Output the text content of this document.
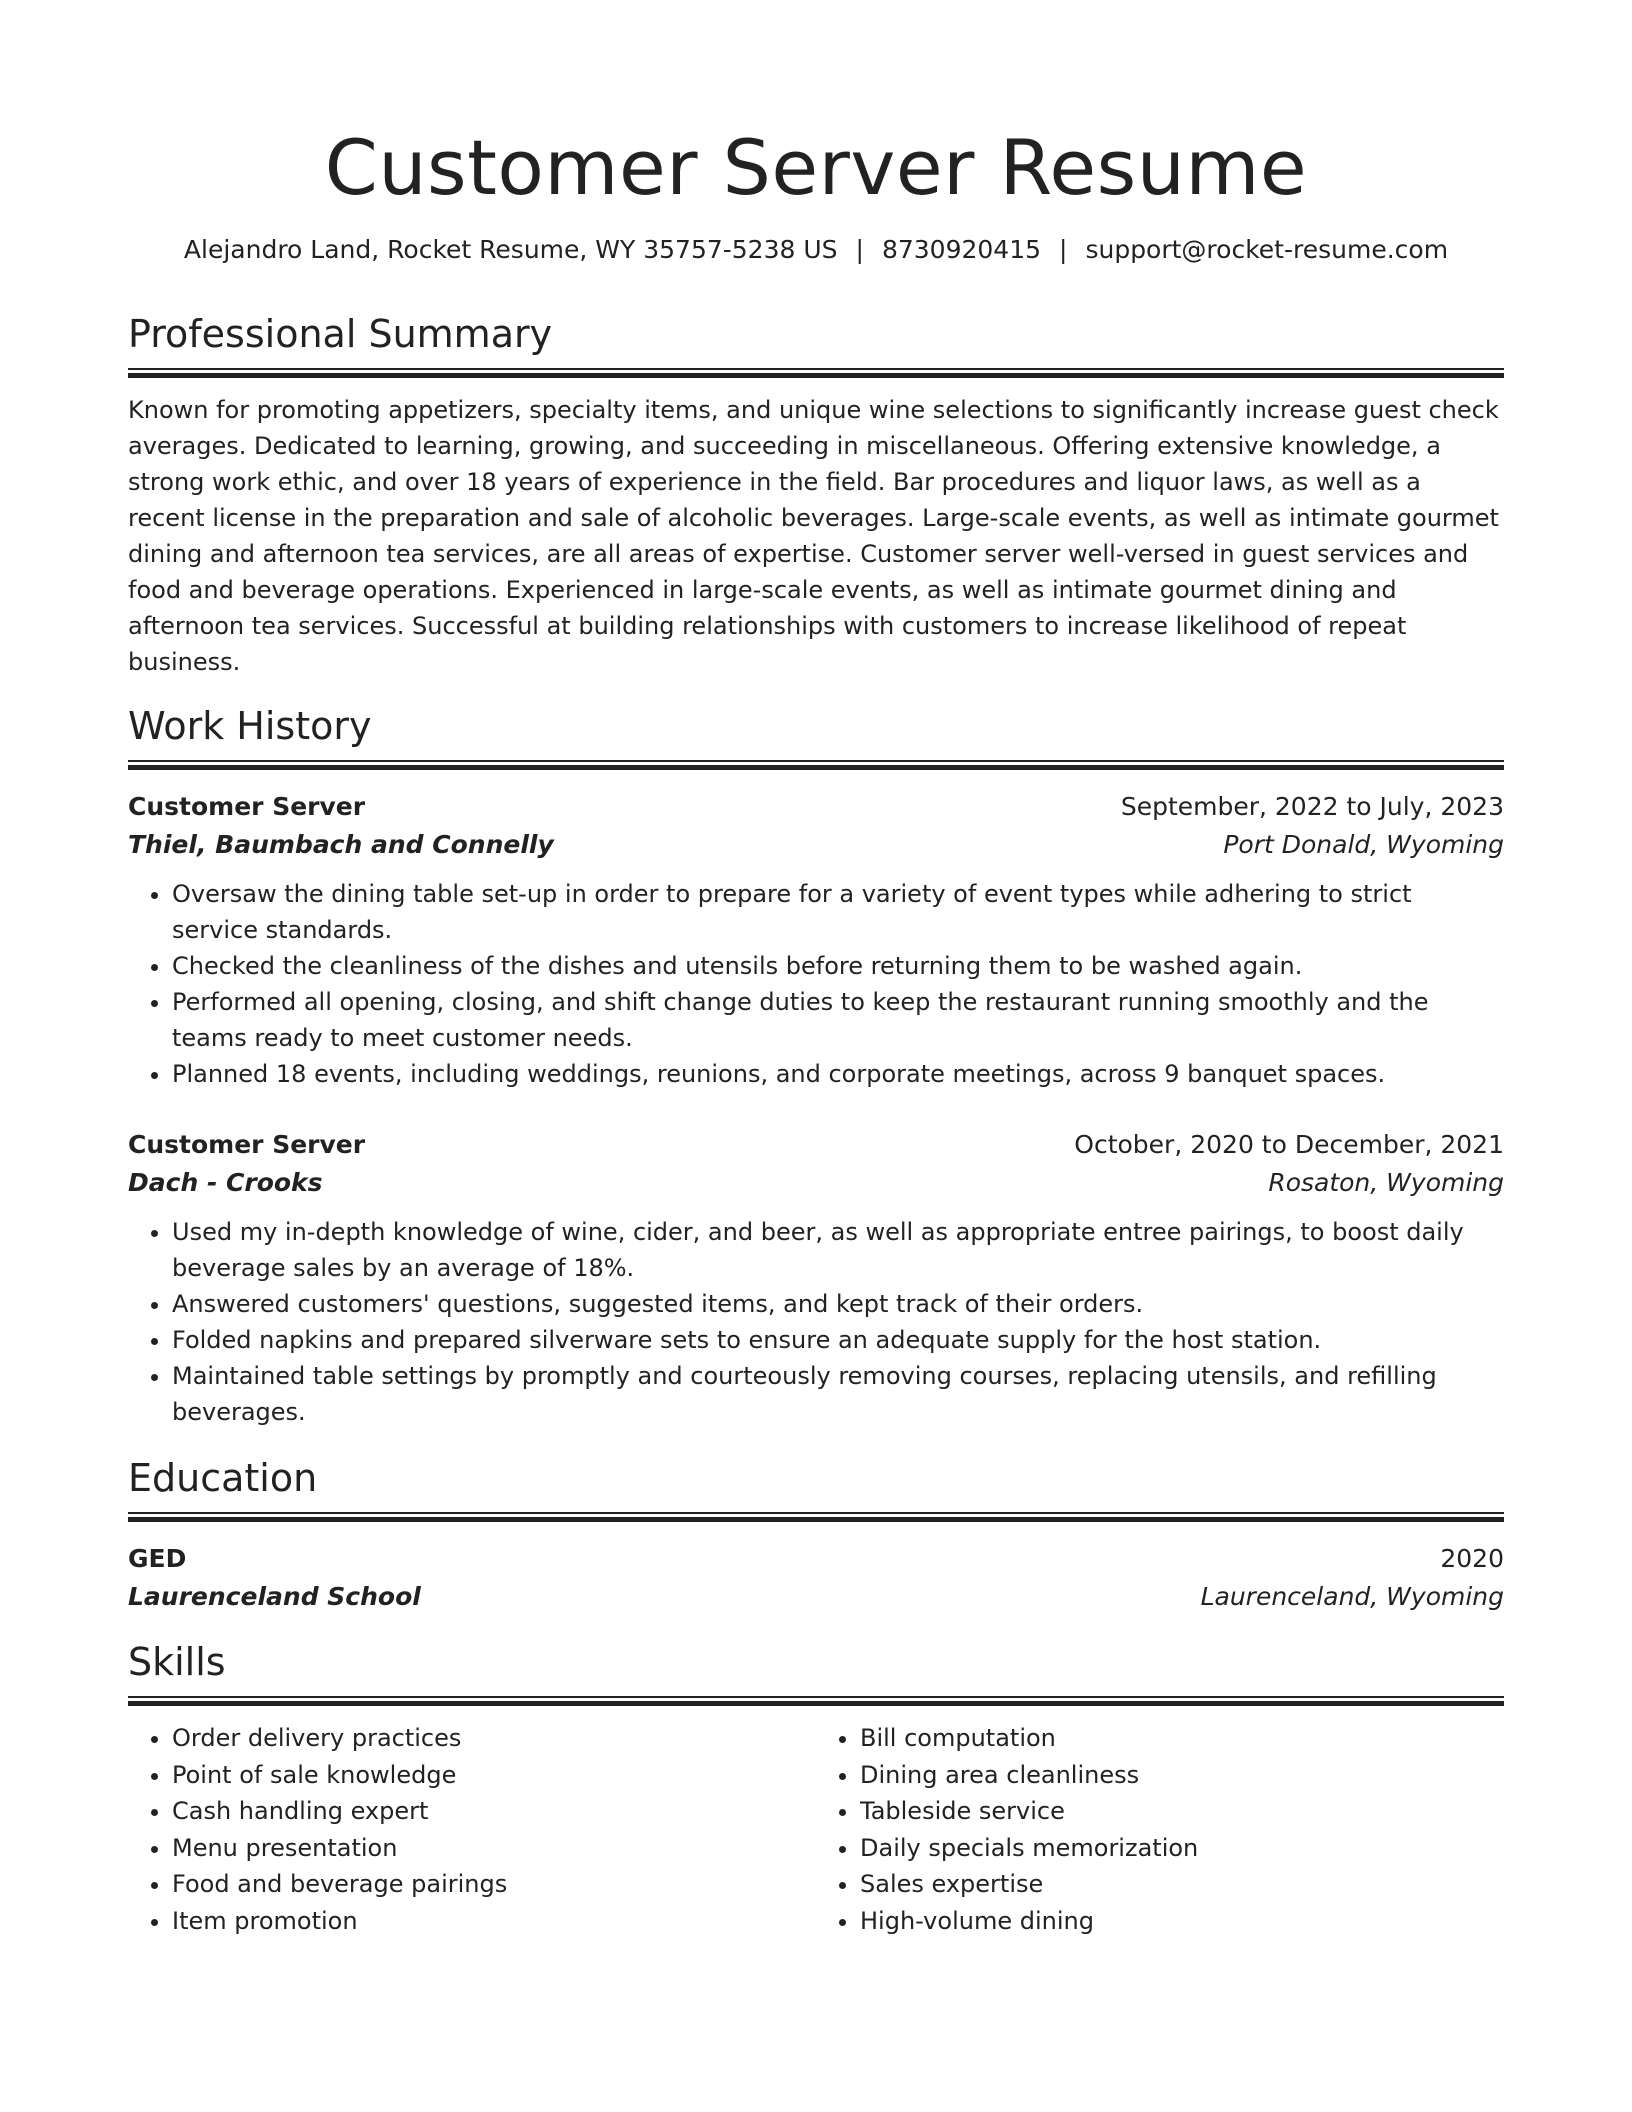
Customer Server Resume
Alejandro Land, Rocket Resume, WY 35757-5238 US | 8730920415 | support@rocket-resume.com
Professional Summary
Known for promoting appetizers, specialty items, and unique wine selections to significantly increase guest check averages. Dedicated to learning, growing, and succeeding in miscellaneous. Offering extensive knowledge, a strong work ethic, and over 18 years of experience in the field. Bar procedures and liquor laws, as well as a recent license in the preparation and sale of alcoholic beverages. Large-scale events, as well as intimate gourmet dining and afternoon tea services, are all areas of expertise. Customer server well-versed in guest services and food and beverage operations. Experienced in large-scale events, as well as intimate gourmet dining and afternoon tea services. Successful at building relationships with customers to increase likelihood of repeat business.
Work History
Customer Server	September, 2022 to July, 2023
Thiel, Baumbach and Connelly	Port Donald, Wyoming
• Oversaw the dining table set-up in order to prepare for a variety of event types while adhering to strict service standards.
• Checked the cleanliness of the dishes and utensils before returning them to be washed again.
• Performed all opening, closing, and shift change duties to keep the restaurant running smoothly and the teams ready to meet customer needs.
• Planned 18 events, including weddings, reunions, and corporate meetings, across 9 banquet spaces.
Customer Server	October, 2020 to December, 2021
Dach - Crooks	Rosaton, Wyoming
• Used my in-depth knowledge of wine, cider, and beer, as well as appropriate entree pairings, to boost daily beverage sales by an average of 18%.
• Answered customers' questions, suggested items, and kept track of their orders.
• Folded napkins and prepared silverware sets to ensure an adequate supply for the host station.
• Maintained table settings by promptly and courteously removing courses, replacing utensils, and refilling beverages.
Education
GED	2020
Laurenceland School	Laurenceland, Wyoming
Skills
• Order delivery practices
• Point of sale knowledge
• Cash handling expert
• Menu presentation
• Food and beverage pairings
• Item promotion
• Bill computation
• Dining area cleanliness
• Tableside service
• Daily specials memorization
• Sales expertise
• High-volume dining
